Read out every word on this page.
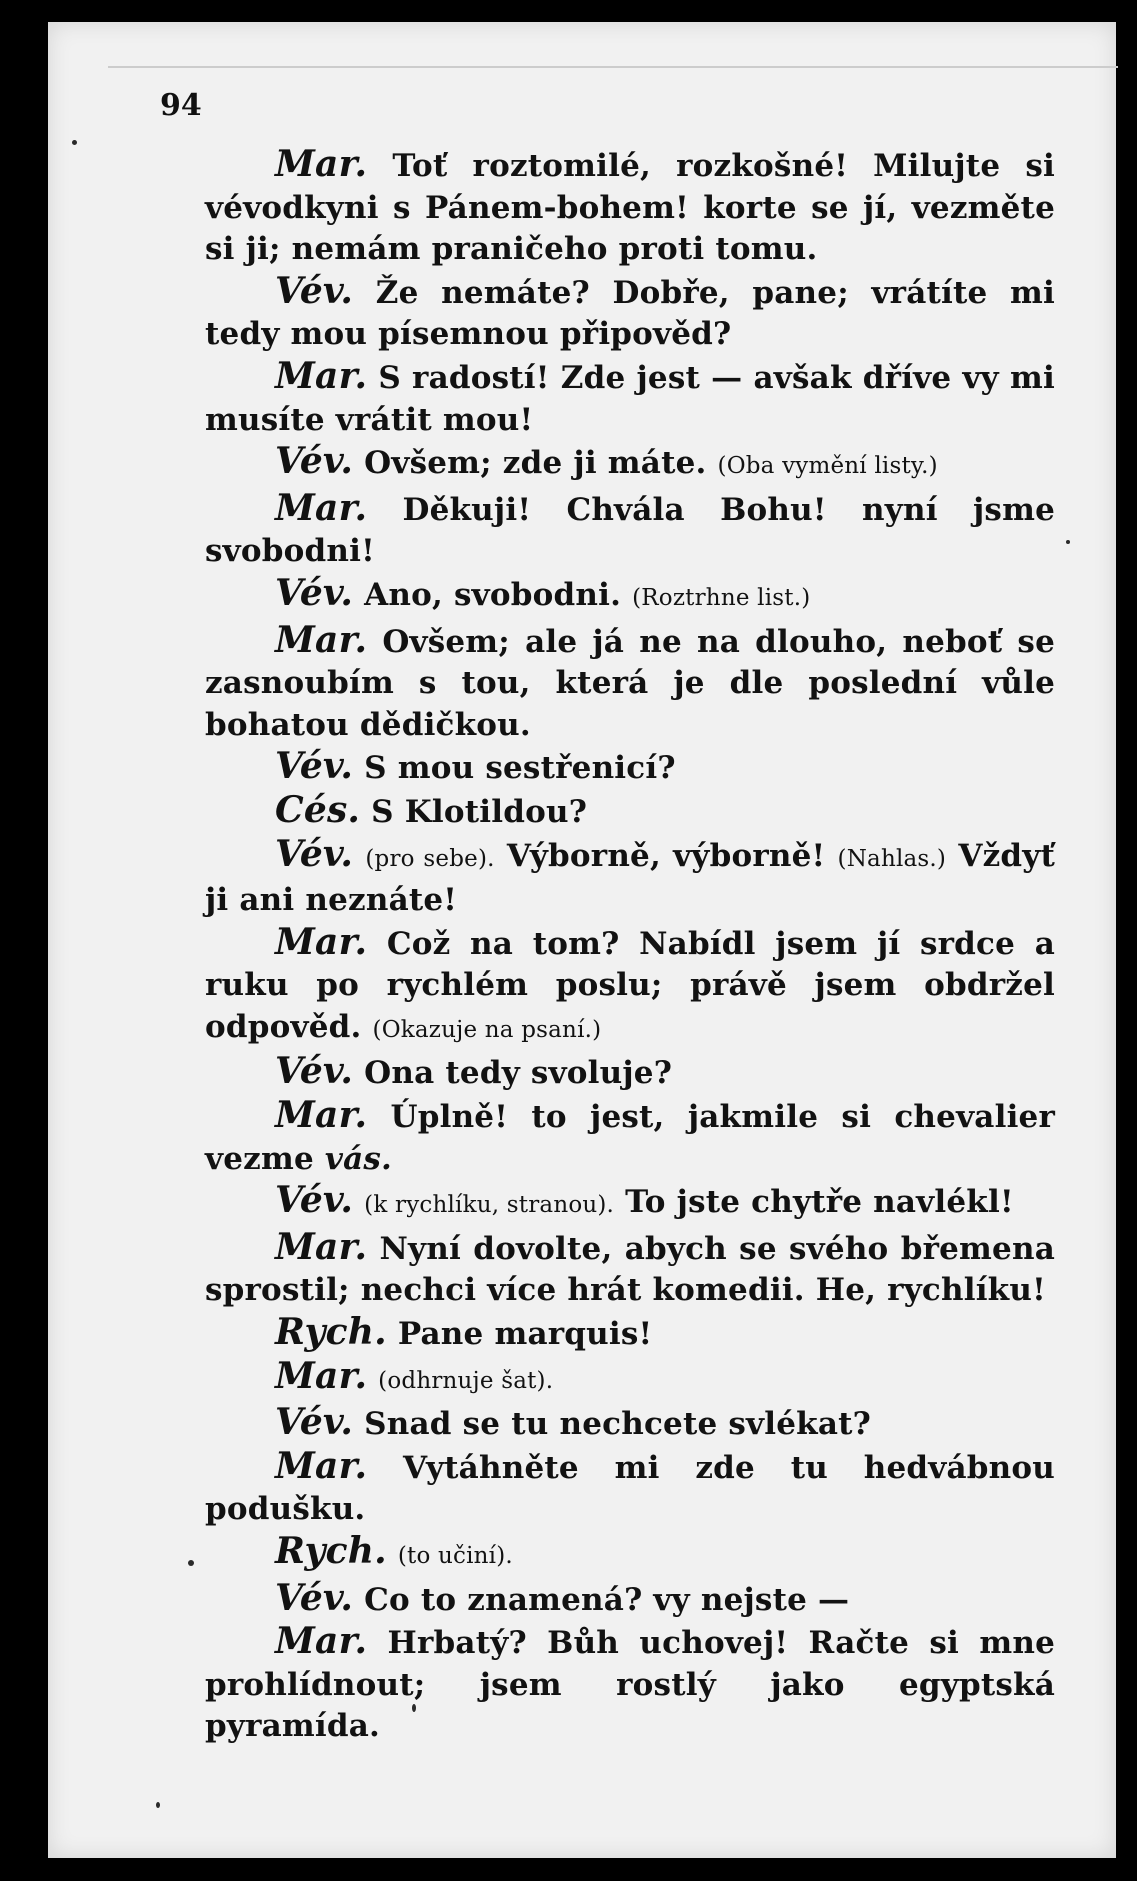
94

Mar. Toť roztomilé, rozkošné! Milujte si vévodkyni s Pánem-bohem! korte se jí, vezměte si ji; nemám praničeho proti tomu.

Vév. Že nemáte? Dobře, pane; vrátíte mi tedy mou písemnou připověd?

Mar. S radostí! Zde jest — avšak dříve vy mi musíte vrátit mou!

Vév. Ovšem; zde ji máte. (Oba vymění listy.)

Mar. Děkuji! Chvála Bohu! nyní jsme svobodni!

Vév. Ano, svobodni. (Roztrhne list.)

Mar. Ovšem; ale já ne na dlouho, neboť se zasnoubím s tou, která je dle poslední vůle bohatou dědičkou.

Vév. S mou sestřenicí?

Cés. S Klotildou?

Vév. (pro sebe). Výborně, výborně! (Nahlas.) Vždyť ji ani neznáte!

Mar. Což na tom? Nabídl jsem jí srdce a ruku po rychlém poslu; právě jsem obdržel odpověd. (Okazuje na psaní.)

Vév. Ona tedy svoluje?

Mar. Úplně! to jest, jakmile si chevalier vezme vás.

Vév. (k rychlíku, stranou). To jste chytře navlékl!

Mar. Nyní dovolte, abych se svého břemena sprostil; nechci více hrát komedii. He, rychlíku!

Rych. Pane marquis!

Mar. (odhrnuje šat).

Vév. Snad se tu nechcete svlékat?

Mar. Vytáhněte mi zde tu hedvábnou podušku.

Rych. (to učiní).

Vév. Co to znamená? vy nejste —

Mar. Hrbatý? Bůh uchovej! Račte si mne prohlídnout; jsem rostlý jako egyptská pyramída.
